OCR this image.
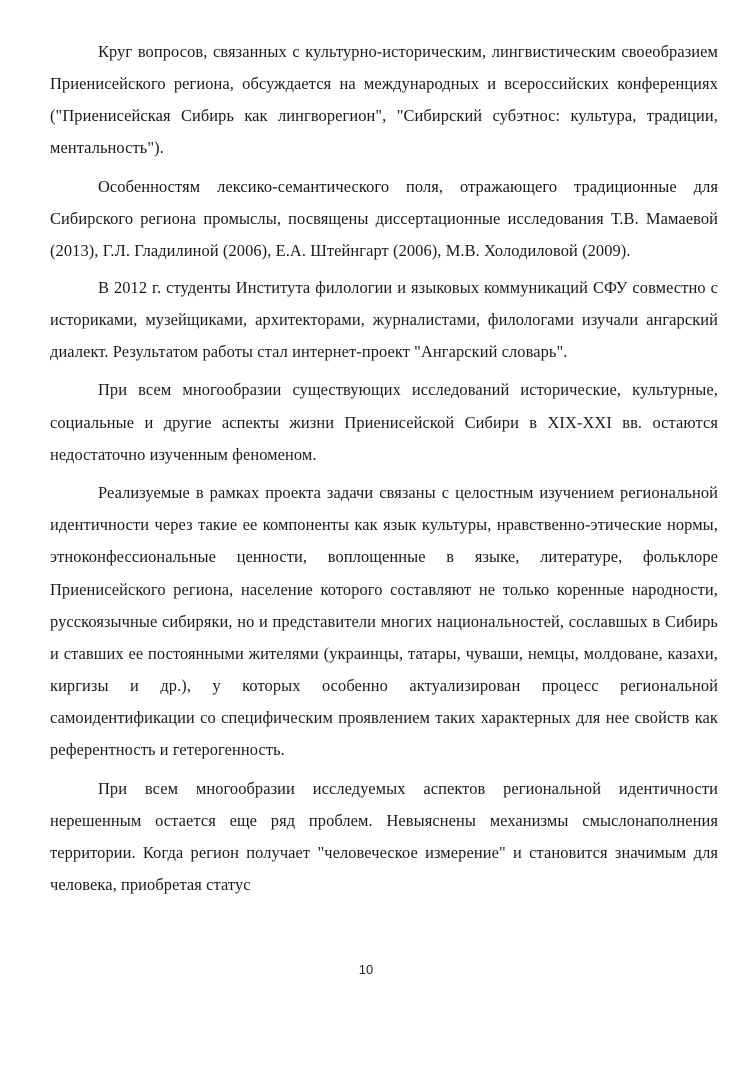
Круг вопросов, связанных с культурно-историческим, лингвистическим своеобразием Приенисейского региона, обсуждается на международных и всероссийских конференциях ("Приенисейская Сибирь как лингворегион", "Сибирский субэтнос: культура, традиции, ментальность").

Особенностям лексико-семантического поля, отражающего традиционные для Сибирского региона промыслы, посвящены диссертационные исследования Т.В. Мамаевой (2013), Г.Л. Гладилиной (2006), Е.А. Штейнгарт (2006), М.В. Холодиловой (2009).

В 2012 г. студенты Института филологии и языковых коммуникаций СФУ совместно с историками, музейщиками, архитекторами, журналистами, филологами изучали ангарский диалект. Результатом работы стал интернет-проект "Ангарский словарь".

При всем многообразии существующих исследований исторические, культурные, социальные и другие аспекты жизни Приенисейской Сибири в XIX-XXI вв. остаются недостаточно изученным феноменом.

Реализуемые в рамках проекта задачи связаны с целостным изучением региональной идентичности через такие ее компоненты как язык культуры, нравственно-этические нормы, этноконфессиональные ценности, воплощенные в языке, литературе, фольклоре Приенисейского региона, население которого составляют не только коренные народности, русскоязычные сибиряки, но и представители многих национальностей, сославшых в Сибирь и ставших ее постоянными жителями (украинцы, татары, чуваши, немцы, молдоване, казахи, киргизы и др.), у которых особенно актуализирован процесс региональной самоидентификации со специфическим проявлением таких характерных для нее свойств как референтность и гетерогенность.

При всем многообразии исследуемых аспектов региональной идентичности нерешенным остается еще ряд проблем. Невыяснены механизмы смыслонаполнения территории. Когда регион получает "человеческое измерение" и становится значимым для человека, приобретая статус

10
